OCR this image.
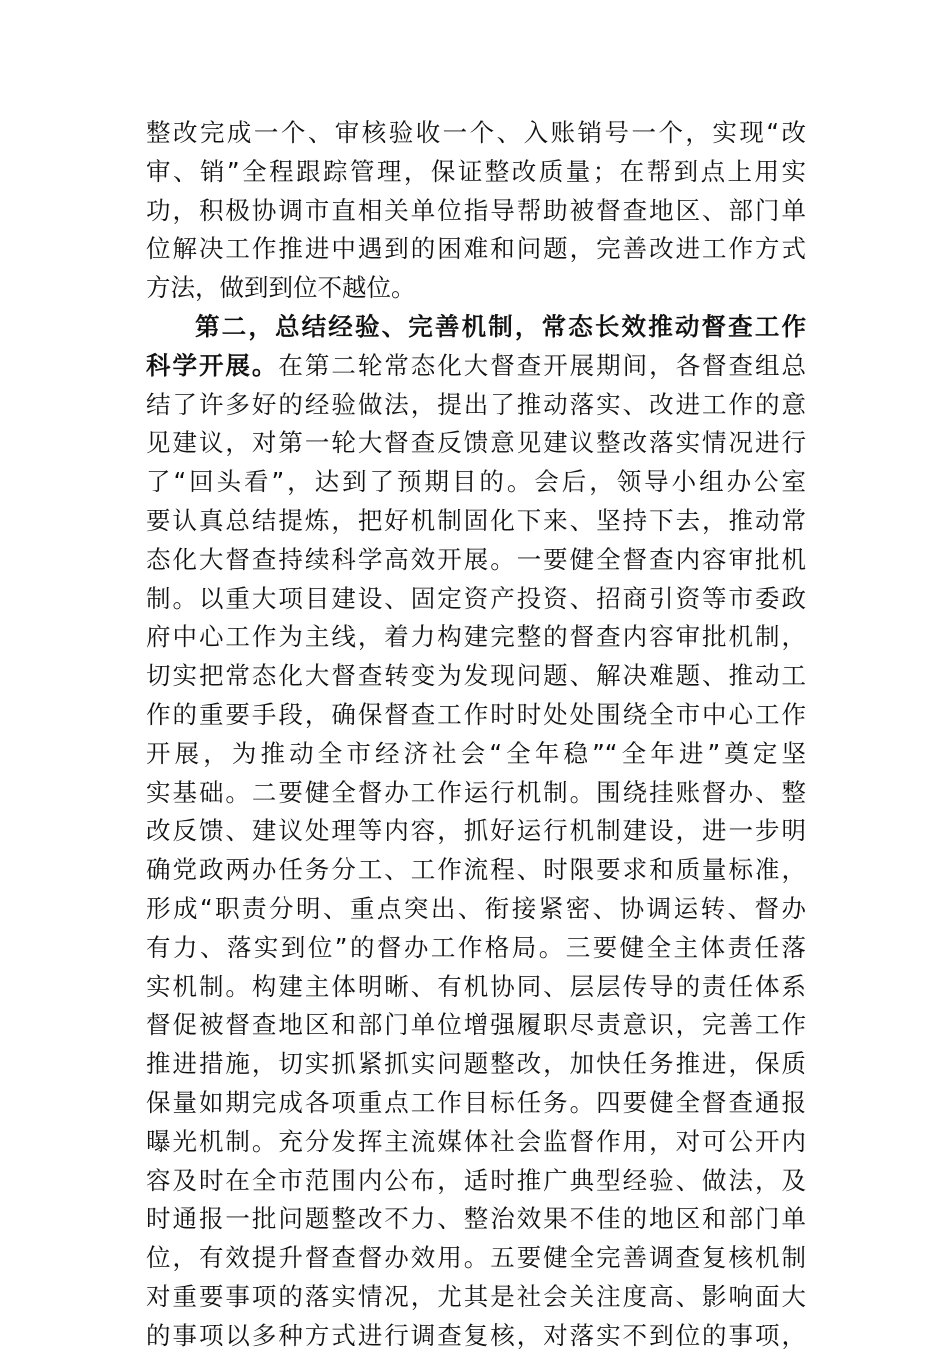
整改完成一个、审核验收一个、入账销号一个，实现“改
审、销”全程跟踪管理，保证整改质量；在帮到点上用实
功，积极协调市直相关单位指导帮助被督查地区、部门单
位解决工作推进中遇到的困难和问题，完善改进工作方式
方法，做到到位不越位。
第二，总结经验、完善机制，常态长效推动督查工作
科学开展。在第二轮常态化大督查开展期间，各督查组总
结了许多好的经验做法，提出了推动落实、改进工作的意
见建议，对第一轮大督查反馈意见建议整改落实情况进行
了“回头看”，达到了预期目的。会后，领导小组办公室
要认真总结提炼，把好机制固化下来、坚持下去，推动常
态化大督查持续科学高效开展。一要健全督查内容审批机
制。以重大项目建设、固定资产投资、招商引资等市委政
府中心工作为主线，着力构建完整的督查内容审批机制，
切实把常态化大督查转变为发现问题、解决难题、推动工
作的重要手段，确保督查工作时时处处围绕全市中心工作
开展，为推动全市经济社会“全年稳”“全年进”奠定坚
实基础。二要健全督办工作运行机制。围绕挂账督办、整
改反馈、建议处理等内容，抓好运行机制建设，进一步明
确党政两办任务分工、工作流程、时限要求和质量标准，
形成“职责分明、重点突出、衔接紧密、协调运转、督办
有力、落实到位”的督办工作格局。三要健全主体责任落
实机制。构建主体明晰、有机协同、层层传导的责任体系
督促被督查地区和部门单位增强履职尽责意识，完善工作
推进措施，切实抓紧抓实问题整改，加快任务推进，保质
保量如期完成各项重点工作目标任务。四要健全督查通报
曝光机制。充分发挥主流媒体社会监督作用，对可公开内
容及时在全市范围内公布，适时推广典型经验、做法，及
时通报一批问题整改不力、整治效果不佳的地区和部门单
位，有效提升督查督办效用。五要健全完善调查复核机制
对重要事项的落实情况，尤其是社会关注度高、影响面大
的事项以多种方式进行调查复核，对落实不到位的事项，
